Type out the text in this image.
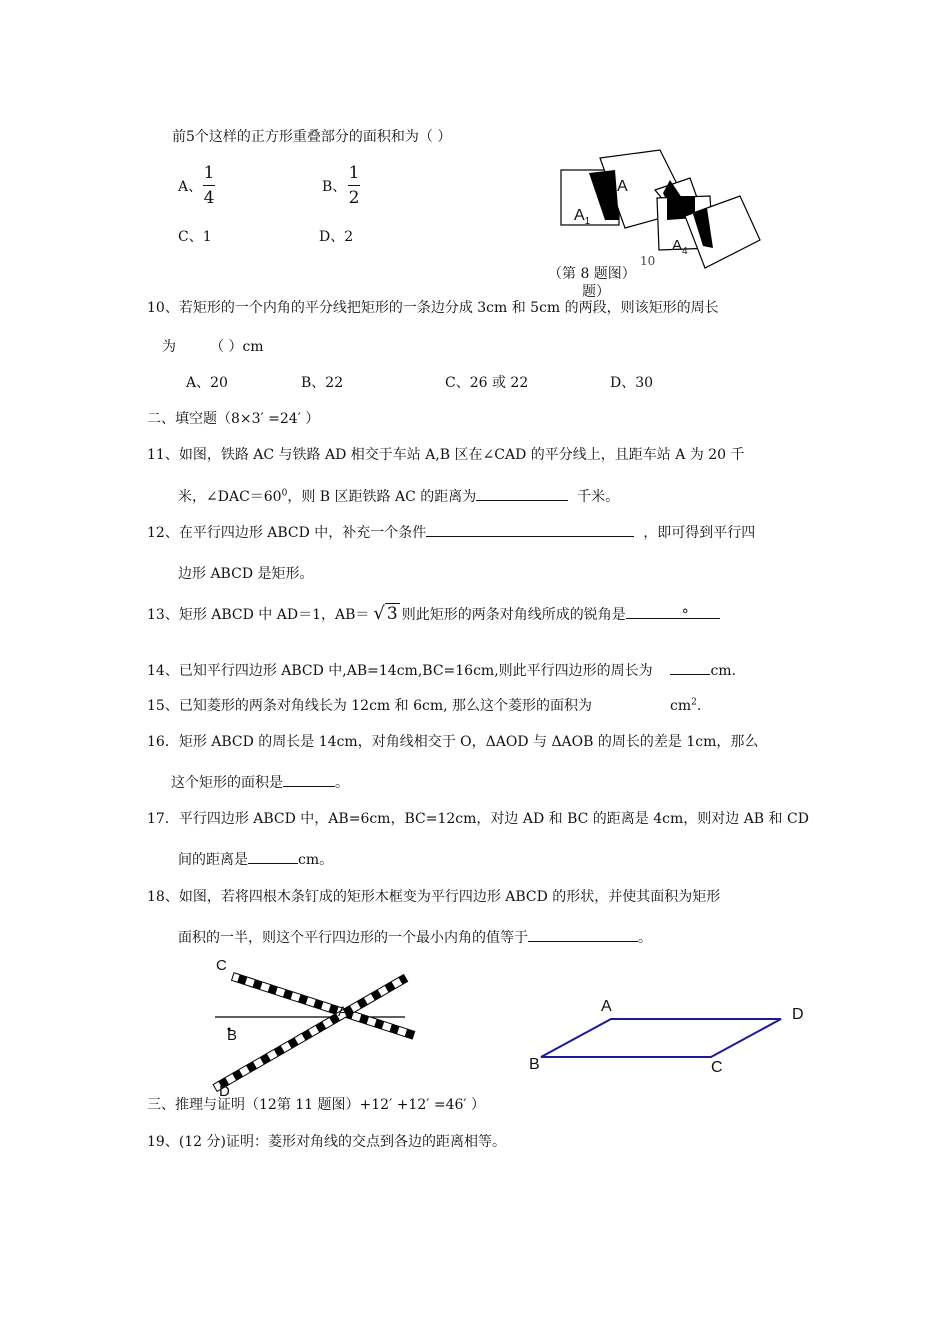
前5个这样的正方形重叠部分的面积和为（ ）
A、
1
4
B、
1
2
C、1	D、2
$A_1$
A
$A_4$
10
（第 8 题图）
题）
10、若矩形的一个内角的平分线把矩形的一条边分成 3cm 和 5cm 的两段，则该矩形的周长
为 （ ）cm
A、20	B、22	C、26 或 22	D、30
二、填空题（8×3′ =24′ ）
11、如图，铁路 AC 与铁路 AD 相交于车站 A,B 区在∠CAD 的平分线上，且距车站 A 为 20 千
米，$\angle DAC=60^0$，则 B 区距铁路 AC 的距离为	千米。
12、在平行四边形 ABCD 中，补充一个条件	，即可得到平行四
边形 ABCD 是矩形。
13、矩形 ABCD 中 AD＝1，AB＝ √ 3 则此矩形的两条对角线所成的锐角是	°
14、已知平行四边形 ABCD 中,AB=14cm,BC=16cm,则此平行四边形的周长为	cm.
15、已知菱形的两条对角线长为 12cm 和 6cm, 那么这个菱形的面积为	$cm^2$.
16．矩形 ABCD 的周长是 14cm，对角线相交于 O，ΔAOD 与 ΔAOB 的周长的差是 1cm，那么
这个矩形的面积是	。
17．平行四边形 ABCD 中，AB=6cm，BC=12cm，对边 AD 和 BC 的距离是 4cm，则对边 AB 和 CD
间的距离是	cm。
18、如图，若将四根木条钉成的矩形木框变为平行四边形 ABCD 的形状，并使其面积为矩形
面积的一半，则这个平行四边形的一个最小内角的值等于	。
C
A
B
D
A	D
B	C
三、推理与证明（12第 11 题图）+12′ +12′ =46′ ）
19、(12 分)证明：菱形对角线的交点到各边的距离相等。
